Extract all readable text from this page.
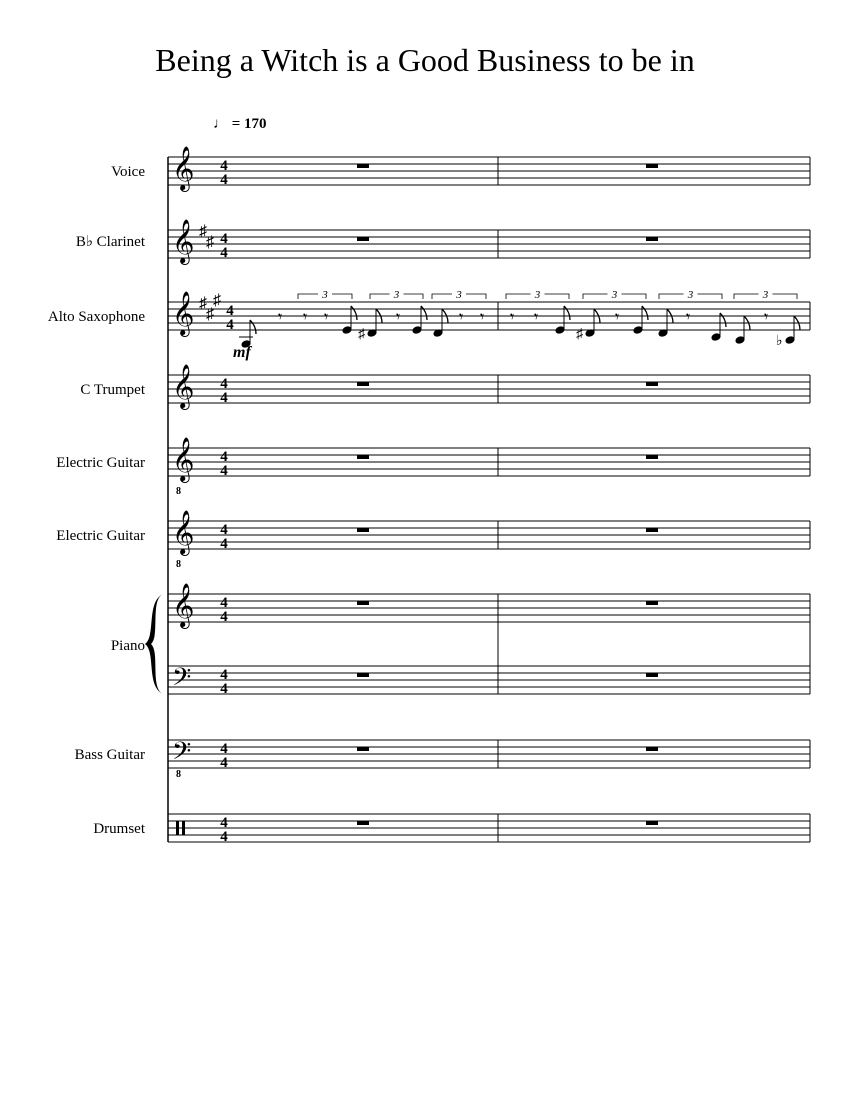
Being a Witch is a Good Business to be in
♩ = 170
Voice
B♭ Clarinet
Alto Saxophone
C Trumpet
Electric Guitar
Electric Guitar
Piano
Bass Guitar
Drumset
𝄞
𝄞
𝄞
𝄞
𝄞
𝄞
𝄞
𝄢
𝄢
8
8
8
♯
♯
♯
♯
♯
4
4
4
4
4
4
4
4
4
4
4
4
4
4
4
4
4
4
4
4
♯	♯	♭
𝄾 𝄾 𝄾	𝄾	𝄾 𝄾 𝄾 𝄾	𝄾	𝄾	𝄾
3	3	3	3	3	3	3
mf
